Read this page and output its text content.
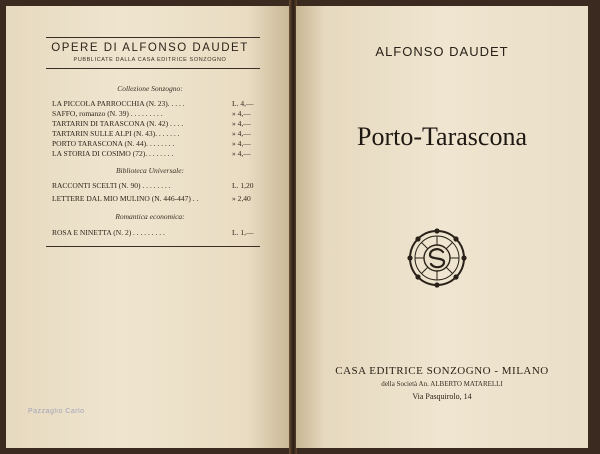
OPERE DI ALFONSO DAUDET
PUBBLICATE DALLA CASA EDITRICE SONZOGNO
Collezione Sonzogno:
LA PICCOLA PARROCCHIA (N. 23). . . . .	L. 4,—
SAFFO, romanzo (N. 39) . . . . . . . . .	» 4,—
TARTARIN DI TARASCONA (N. 42) . . . .	» 4,—
TARTARIN SULLE ALPI (N. 43). . . . . . .	» 4,—
PORTO TARASCONA (N. 44). . . . . . . .	» 4,—
LA STORIA DI COSIMO (72). . . . . . . .	» 4,—
Biblioteca Universale:
RACCONTI SCELTI (N. 90) . . . . . . . .	L. 1,20
LETTERE DAL MIO MULINO (N. 446-447) . .	» 2,40
Romantica economica:
ROSA E NINETTA (N. 2) . . . . . . . . .	L. 1,—
Pazzaglio Carlo
ALFONSO DAUDET
Porto-Tarascona
CASA EDITRICE SONZOGNO - MILANO
della Società An. ALBERTO MATARELLI
Via Pasquirolo, 14
